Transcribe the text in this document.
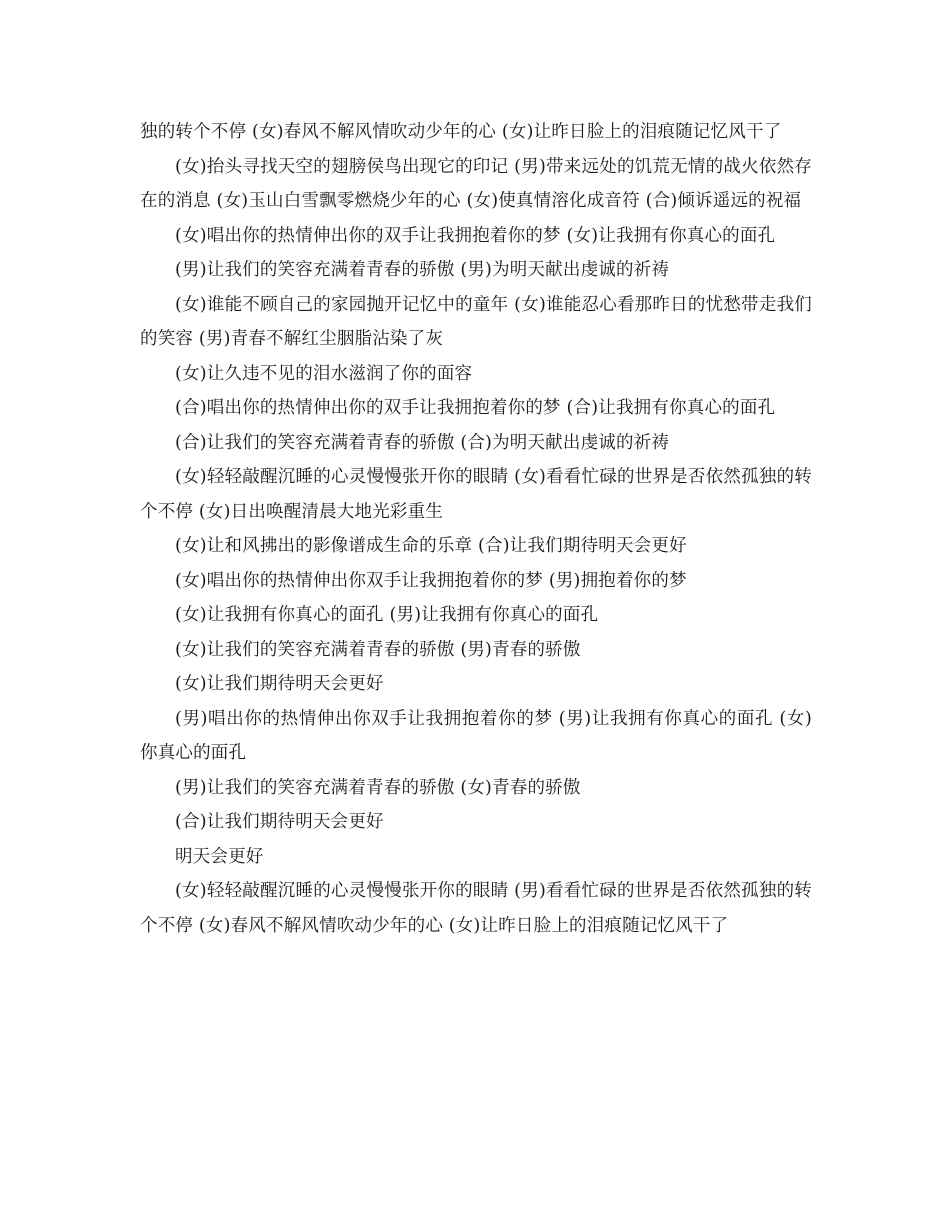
独的转个不停 (女)春风不解风情吹动少年的心 (女)让昨日脸上的泪痕随记忆风干了

(女)抬头寻找天空的翅膀侯鸟出现它的印记 (男)带来远处的饥荒无情的战火依然存在的消息 (女)玉山白雪飘零燃烧少年的心 (女)使真情溶化成音符 (合)倾诉遥远的祝福

(女)唱出你的热情伸出你的双手让我拥抱着你的梦 (女)让我拥有你真心的面孔

(男)让我们的笑容充满着青春的骄傲 (男)为明天献出虔诚的祈祷

(女)谁能不顾自己的家园抛开记忆中的童年 (女)谁能忍心看那昨日的忧愁带走我们的笑容 (男)青春不解红尘胭脂沾染了灰

(女)让久违不见的泪水滋润了你的面容

(合)唱出你的热情伸出你的双手让我拥抱着你的梦 (合)让我拥有你真心的面孔

(合)让我们的笑容充满着青春的骄傲 (合)为明天献出虔诚的祈祷

(女)轻轻敲醒沉睡的心灵慢慢张开你的眼睛 (女)看看忙碌的世界是否依然孤独的转个不停 (女)日出唤醒清晨大地光彩重生

(女)让和风拂出的影像谱成生命的乐章 (合)让我们期待明天会更好

(女)唱出你的热情伸出你双手让我拥抱着你的梦 (男)拥抱着你的梦

(女)让我拥有你真心的面孔 (男)让我拥有你真心的面孔

(女)让我们的笑容充满着青春的骄傲 (男)青春的骄傲

(女)让我们期待明天会更好

(男)唱出你的热情伸出你双手让我拥抱着你的梦 (男)让我拥有你真心的面孔 (女)你真心的面孔

(男)让我们的笑容充满着青春的骄傲 (女)青春的骄傲

(合)让我们期待明天会更好

明天会更好

(女)轻轻敲醒沉睡的心灵慢慢张开你的眼睛 (男)看看忙碌的世界是否依然孤独的转个不停 (女)春风不解风情吹动少年的心 (女)让昨日脸上的泪痕随记忆风干了
